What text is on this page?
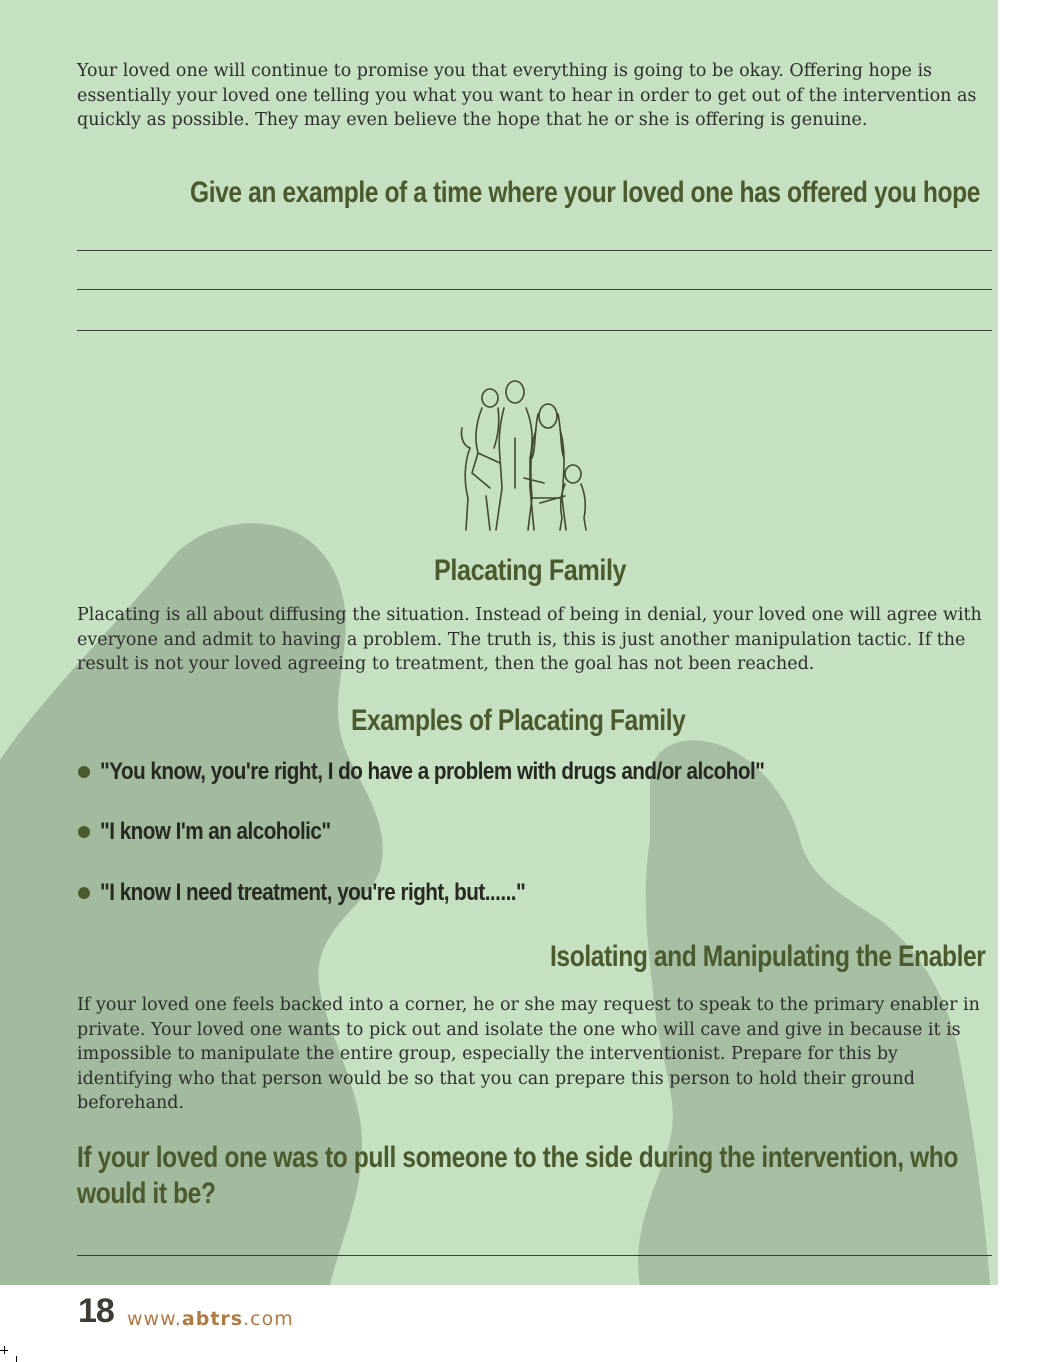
Your loved one will continue to promise you that everything is going to be okay. Offering hope is essentially your loved one telling you what you want to hear in order to get out of the intervention as quickly as possible. They may even believe the hope that he or she is offering is genuine.

Give an example of a time where your loved one has offered you hope
Placating Family

Placating is all about diffusing the situation. Instead of being in denial, your loved one will agree with everyone and admit to having a problem. The truth is, this is just another manipulation tactic. If the result is not your loved agreeing to treatment, then the goal has not been reached.

Examples of Placating Family
"You know, you're right, I do have a problem with drugs and/or alcohol"
"I know I'm an alcoholic"
"I know I need treatment, you're right, but......"
Isolating and Manipulating the Enabler

If your loved one feels backed into a corner, he or she may request to speak to the primary enabler in private. Your loved one wants to pick out and isolate the one who will cave and give in because it is impossible to manipulate the entire group, especially the interventionist. Prepare for this by identifying who that person would be so that you can prepare this person to hold their ground beforehand.

If your loved one was to pull someone to the side during the intervention, who would it be?
18 www.abtrs.com
